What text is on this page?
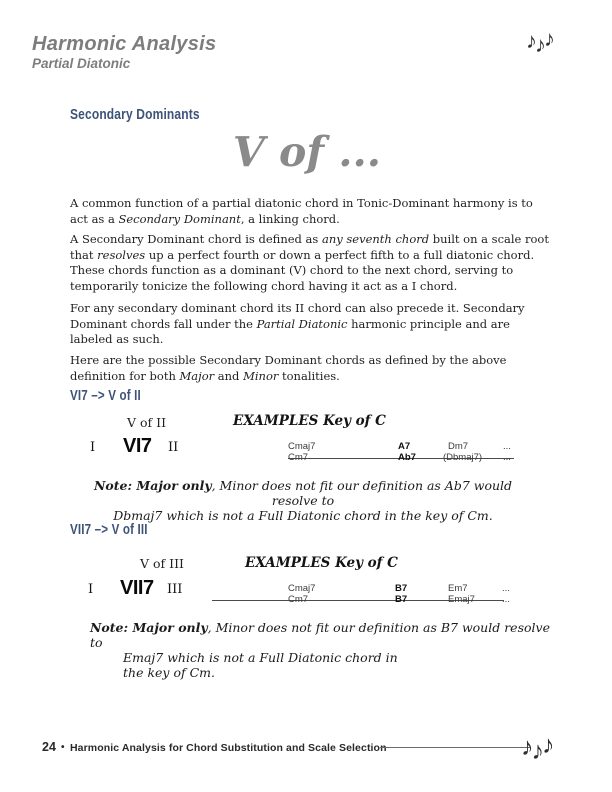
Harmonic Analysis
Partial Diatonic
♪♪♪
Secondary Dominants
V of ...
A common function of a partial diatonic chord in Tonic-Dominant harmony is to act as a Secondary Dominant, a linking chord.
A Secondary Dominant chord is defined as any seventh chord built on a scale root that resolves up a perfect fourth or down a perfect fifth to a full diatonic chord. These chords function as a dominant (V) chord to the next chord, serving to temporarily tonicize the following chord having it act as a I chord.
For any secondary dominant chord its II chord can also precede it. Secondary Dominant chords fall under the Partial Diatonic harmonic principle and are labeled as such.
Here are the possible Secondary Dominant chords as defined by the above definition for both Major and Minor tonalities.
VI7 –> V of II
V of II	EXAMPLES Key of C
I VI7 II	Cmaj7	A7	Dm7	...
Cm7	Ab7	(Dbmaj7) ...
Note: Major only, Minor does not fit our definition as Ab7 would resolve to
Dbmaj7 which is not a Full Diatonic chord in the key of Cm.
VII7 –> V of III
V of III	EXAMPLES Key of C
I VII7 III	Cmaj7	B7	Em7	...
Cm7	B7	Emaj7	...
Note: Major only, Minor does not fit our definition as B7 would resolve to
Emaj7 which is not a Full Diatonic chord in
the key of Cm.
24 • Harmonic Analysis for Chord Substitution and Scale Selection	♪♪♪
